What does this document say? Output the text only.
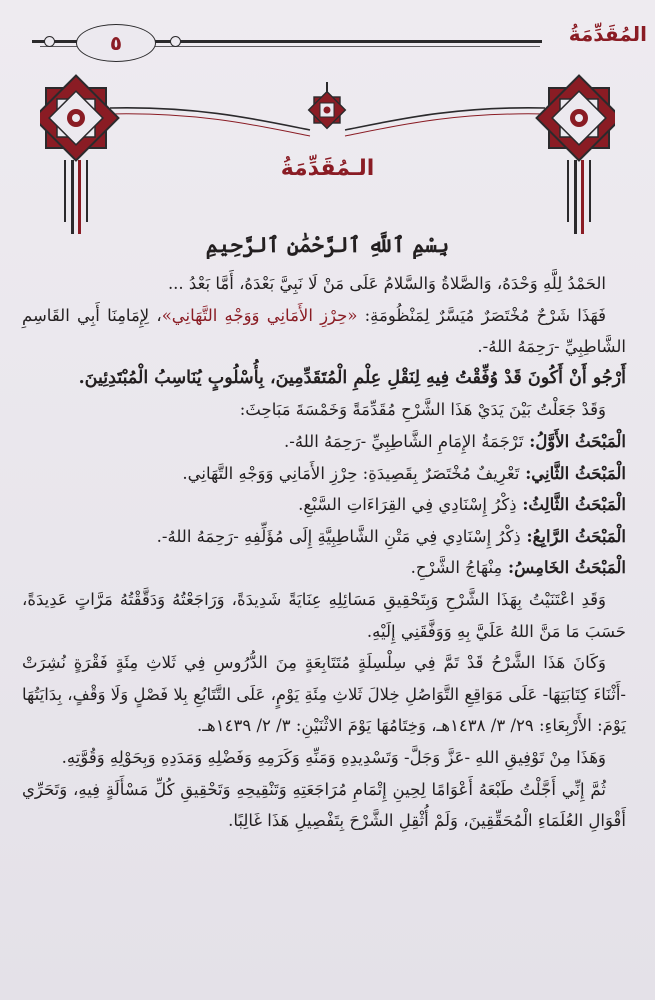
٥	المُقَدِّمَةُ
الـمُقَدِّمَةُ
بِسْمِ ٱللَّهِ ٱلرَّحْمَٰنِ ٱلرَّحِيمِ

الحَمْدُ لِلَّهِ وَحْدَهُ، وَالصَّلاةُ وَالسَّلامُ عَلَى مَنْ لَا نَبِيَّ بَعْدَهُ، أَمَّا بَعْدُ ...

فَهَذَا شَرْحٌ مُخْتَصَرٌ مُيَسَّرٌ لِمَنْظُومَةِ: «حِرْزِ الأَمَانِي وَوَجْهِ التَّهَانِي»، لِإِمَامِنَا أَبِي القَاسِمِ الشَّاطِبِيِّ -رَحِمَهُ اللهُ-.

أَرْجُو أَنْ أَكُونَ قَدْ وُفِّقْتُ فِيهِ لِنَقْلِ عِلْمِ الْمُتَقَدِّمِينَ، بِأُسْلُوبٍ يُنَاسِبُ الْمُبْتَدِئِينَ.

وَقَدْ جَعَلْتُ بَيْنَ يَدَيْ هَذَا الشَّرْحِ مُقَدِّمَةً وَخَمْسَةَ مَبَاحِثَ:

الْمَبْحَثُ الأَوَّلُ: تَرْجَمَةُ الإِمَامِ الشَّاطِبِيِّ -رَحِمَهُ اللهُ-.

الْمَبْحَثُ الثَّانِي: تَعْرِيفٌ مُخْتَصَرٌ بِقَصِيدَةِ: حِرْزِ الأَمَانِي وَوَجْهِ التَّهَانِي.

الْمَبْحَثُ الثَّالِثُ: ذِكْرُ إِسْنَادِي فِي القِرَاءَاتِ السَّبْعِ.

الْمَبْحَثُ الرَّابِعُ: ذِكْرُ إِسْنَادِي فِي مَتْنِ الشَّاطِبِيَّةِ إِلَى مُؤَلِّفِهِ -رَحِمَهُ اللهُ-.

الْمَبْحَثُ الخَامِسُ: مِنْهَاجُ الشَّرْحِ.

وَقَدِ اعْتَنَيْتُ بِهَذَا الشَّرْحِ وَبِتَحْقِيقِ مَسَائِلِهِ عِنَايَةً شَدِيدَةً، وَرَاجَعْتُهُ وَدَقَّقْتُهُ مَرَّاتٍ عَدِيدَةً، حَسَبَ مَا مَنَّ اللهُ عَلَيَّ بِهِ وَوَفَّقَنِي إِلَيْهِ.

وَكَانَ هَذَا الشَّرْحُ قَدْ تَمَّ فِي سِلْسِلَةٍ مُتَتَابِعَةٍ مِنَ الدُّرُوسِ فِي ثَلاثِ مِئَةٍ فَقْرَةٍ نُشِرَتْ -أَثْنَاءَ كِتَابَتِهَا- عَلَى مَوَاقِعِ التَّوَاصُلِ خِلالَ ثَلاثِ مِئَةِ يَوْمٍ، عَلَى التَّتَابُعِ بِلا فَصْلٍ وَلَا وَقْفٍ، بِدَايَتُهَا يَوْمَ: الأَرْبِعَاءِ: ٢٩/ ٣/ ١٤٣٨هـ، وَخِتَامُهَا يَوْمَ الاثْنَيْنِ: ٣/ ٢/ ١٤٣٩هـ.

وَهَذَا مِنْ تَوْفِيقِ اللهِ -عَزَّ وَجَلَّ- وَتَسْدِيدِهِ وَمَنِّهِ وَكَرَمِهِ وَفَضْلِهِ وَمَدَدِهِ وَبِحَوْلِهِ وَقُوَّتِهِ.

ثُمَّ إِنِّي أَجَّلْتُ طَبْعَهُ أَعْوَامًا لِحِينِ إِتْمَامِ مُرَاجَعَتِهِ وَتَنْقِيحِهِ وَتَحْقِيقِ كُلِّ مَسْأَلَةٍ فِيهِ، وَتَحَرِّي أَقْوَالِ العُلَمَاءِ الْمُحَقِّقِينَ، وَلَمْ أُثْقِلِ الشَّرْحَ بِتَفْصِيلِ هَذَا غَالِبًا.
